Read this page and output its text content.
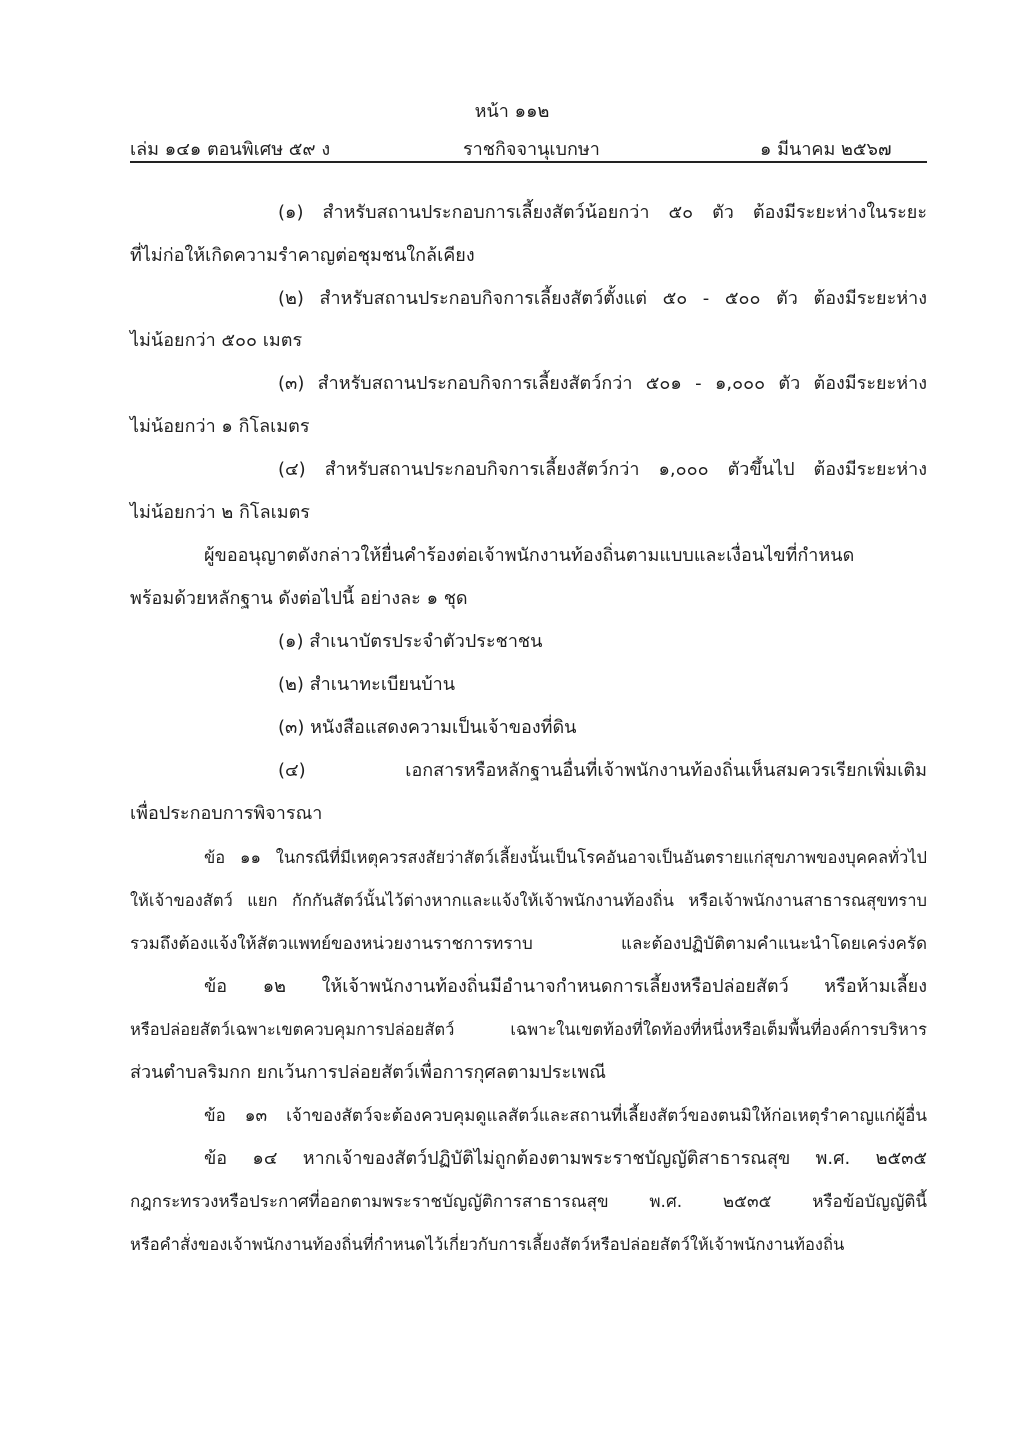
หน้า ๑๑๒
เล่ม ๑๔๑ ตอนพิเศษ ๕๙ ง	ราชกิจจานุเบกษา	๑ มีนาคม ๒๕๖๗
(๑) สำหรับสถานประกอบการเลี้ยงสัตว์น้อยกว่า ๕๐ ตัว ต้องมีระยะห่างในระยะ
ที่ไม่ก่อให้เกิดความรำคาญต่อชุมชนใกล้เคียง
(๒) สำหรับสถานประกอบกิจการเลี้ยงสัตว์ตั้งแต่ ๕๐ - ๕๐๐ ตัว ต้องมีระยะห่าง
ไม่น้อยกว่า ๕๐๐ เมตร
(๓) สำหรับสถานประกอบกิจการเลี้ยงสัตว์กว่า ๕๐๑ - ๑,๐๐๐ ตัว ต้องมีระยะห่าง
ไม่น้อยกว่า ๑ กิโลเมตร
(๔) สำหรับสถานประกอบกิจการเลี้ยงสัตว์กว่า ๑,๐๐๐ ตัวขึ้นไป ต้องมีระยะห่าง
ไม่น้อยกว่า ๒ กิโลเมตร
ผู้ขออนุญาตดังกล่าวให้ยื่นคำร้องต่อเจ้าพนักงานท้องถิ่นตามแบบและเงื่อนไขที่กำหนด
พร้อมด้วยหลักฐาน ดังต่อไปนี้ อย่างละ ๑ ชุด
(๑) สำเนาบัตรประจำตัวประชาชน
(๒) สำเนาทะเบียนบ้าน
(๓) หนังสือแสดงความเป็นเจ้าของที่ดิน
(๔) เอกสารหรือหลักฐานอื่นที่เจ้าพนักงานท้องถิ่นเห็นสมควรเรียกเพิ่มเติม
เพื่อประกอบการพิจารณา
ข้อ ๑๑ ในกรณีที่มีเหตุควรสงสัยว่าสัตว์เลี้ยงนั้นเป็นโรคอันอาจเป็นอันตรายแก่สุขภาพของบุคคลทั่วไป
ให้เจ้าของสัตว์ แยก กักกันสัตว์นั้นไว้ต่างหากและแจ้งให้เจ้าพนักงานท้องถิ่น หรือเจ้าพนักงานสาธารณสุขทราบ
รวมถึงต้องแจ้งให้สัตวแพทย์ของหน่วยงานราชการทราบ และต้องปฏิบัติตามคำแนะนำโดยเคร่งครัด
ข้อ ๑๒ ให้เจ้าพนักงานท้องถิ่นมีอำนาจกำหนดการเลี้ยงหรือปล่อยสัตว์ หรือห้ามเลี้ยง
หรือปล่อยสัตว์เฉพาะเขตควบคุมการปล่อยสัตว์ เฉพาะในเขตท้องที่ใดท้องที่หนึ่งหรือเต็มพื้นที่องค์การบริหาร
ส่วนตำบลริมกก ยกเว้นการปล่อยสัตว์เพื่อการกุศลตามประเพณี
ข้อ ๑๓ เจ้าของสัตว์จะต้องควบคุมดูแลสัตว์และสถานที่เลี้ยงสัตว์ของตนมิให้ก่อเหตุรำคาญแก่ผู้อื่น
ข้อ ๑๔ หากเจ้าของสัตว์ปฏิบัติไม่ถูกต้องตามพระราชบัญญัติสาธารณสุข พ.ศ. ๒๕๓๕
กฎกระทรวงหรือประกาศที่ออกตามพระราชบัญญัติการสาธารณสุข พ.ศ. ๒๕๓๕ หรือข้อบัญญัตินี้
หรือคำสั่งของเจ้าพนักงานท้องถิ่นที่กำหนดไว้เกี่ยวกับการเลี้ยงสัตว์หรือปล่อยสัตว์ให้เจ้าพนักงานท้องถิ่น
